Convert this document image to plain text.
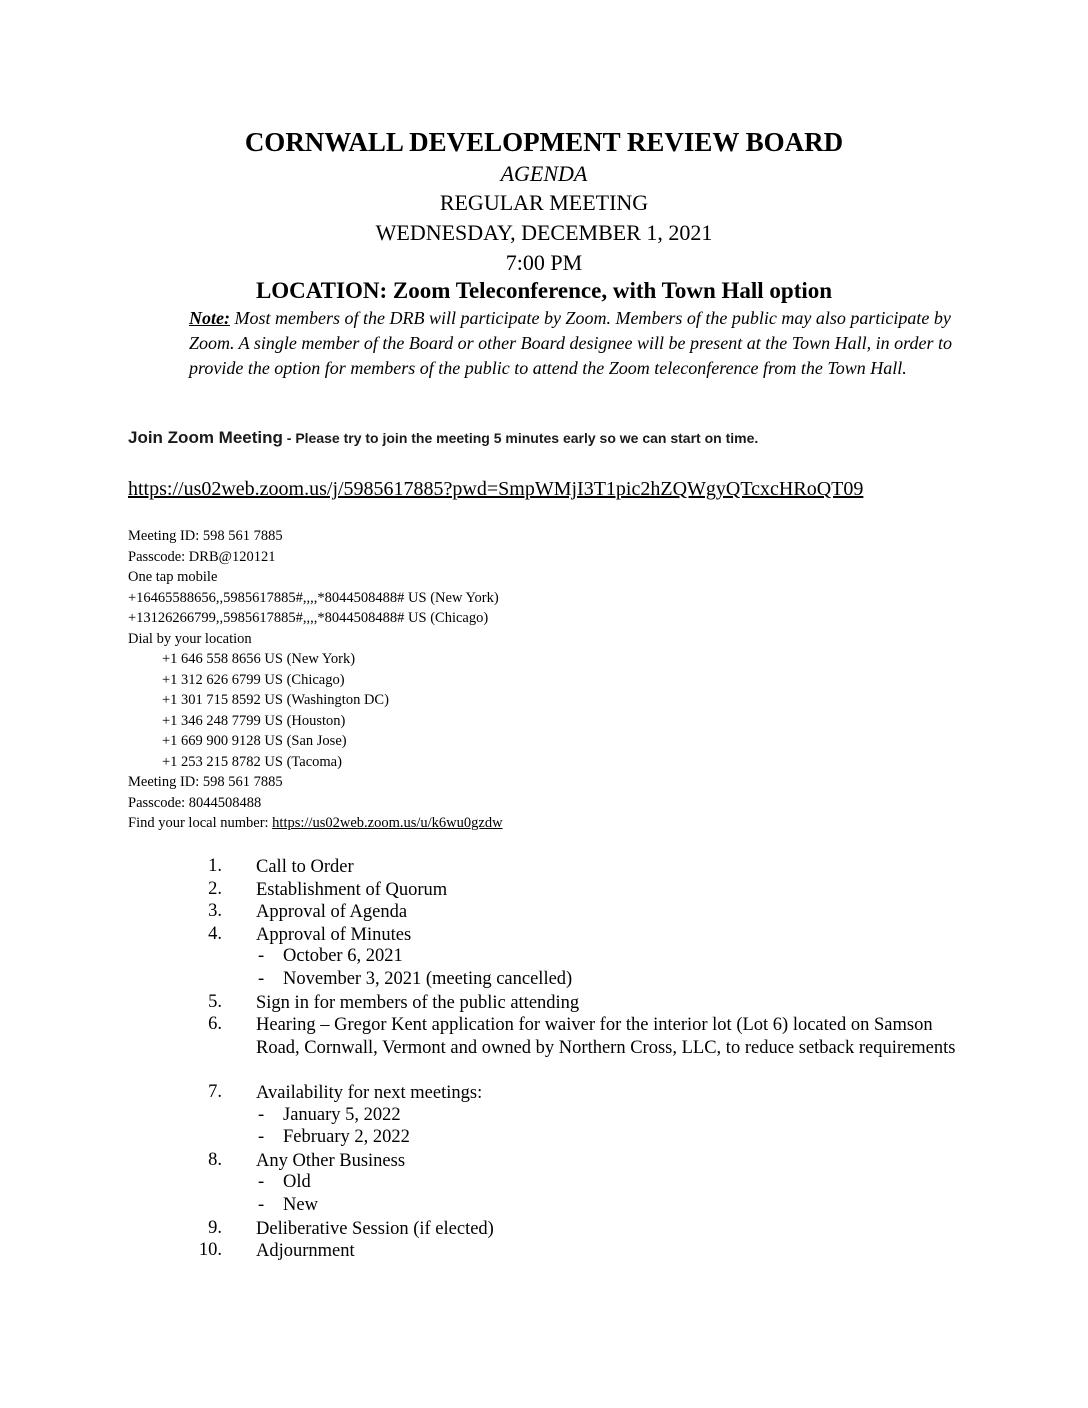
CORNWALL DEVELOPMENT REVIEW BOARD
AGENDA
REGULAR MEETING
WEDNESDAY, DECEMBER 1, 2021
7:00 PM
LOCATION: Zoom Teleconference, with Town Hall option
Note: Most members of the DRB will participate by Zoom. Members of the public may also participate by Zoom. A single member of the Board or other Board designee will be present at the Town Hall, in order to provide the option for members of the public to attend the Zoom teleconference from the Town Hall.
Join Zoom Meeting - Please try to join the meeting 5 minutes early so we can start on time.
https://us02web.zoom.us/j/5985617885?pwd=SmpWMjI3T1pic2hZQWgyQTcxcHRoQT09
Meeting ID: 598 561 7885
Passcode: DRB@120121
One tap mobile
+16465588656,,5985617885#,,,,*8044508488# US (New York)
+13126266799,,5985617885#,,,,*8044508488# US (Chicago)
Dial by your location
+1 646 558 8656 US (New York)
+1 312 626 6799 US (Chicago)
+1 301 715 8592 US (Washington DC)
+1 346 248 7799 US (Houston)
+1 669 900 9128 US (San Jose)
+1 253 215 8782 US (Tacoma)
Meeting ID: 598 561 7885
Passcode: 8044508488
Find your local number: https://us02web.zoom.us/u/k6wu0gzdw
1. Call to Order
2. Establishment of Quorum
3. Approval of Agenda
4. Approval of Minutes
- October 6, 2021
- November 3, 2021 (meeting cancelled)
5. Sign in for members of the public attending
6. Hearing – Gregor Kent application for waiver for the interior lot (Lot 6) located on Samson Road, Cornwall, Vermont and owned by Northern Cross, LLC, to reduce setback requirements
7. Availability for next meetings:
- January 5, 2022
- February 2, 2022
8. Any Other Business
- Old
- New
9. Deliberative Session (if elected)
10. Adjournment
